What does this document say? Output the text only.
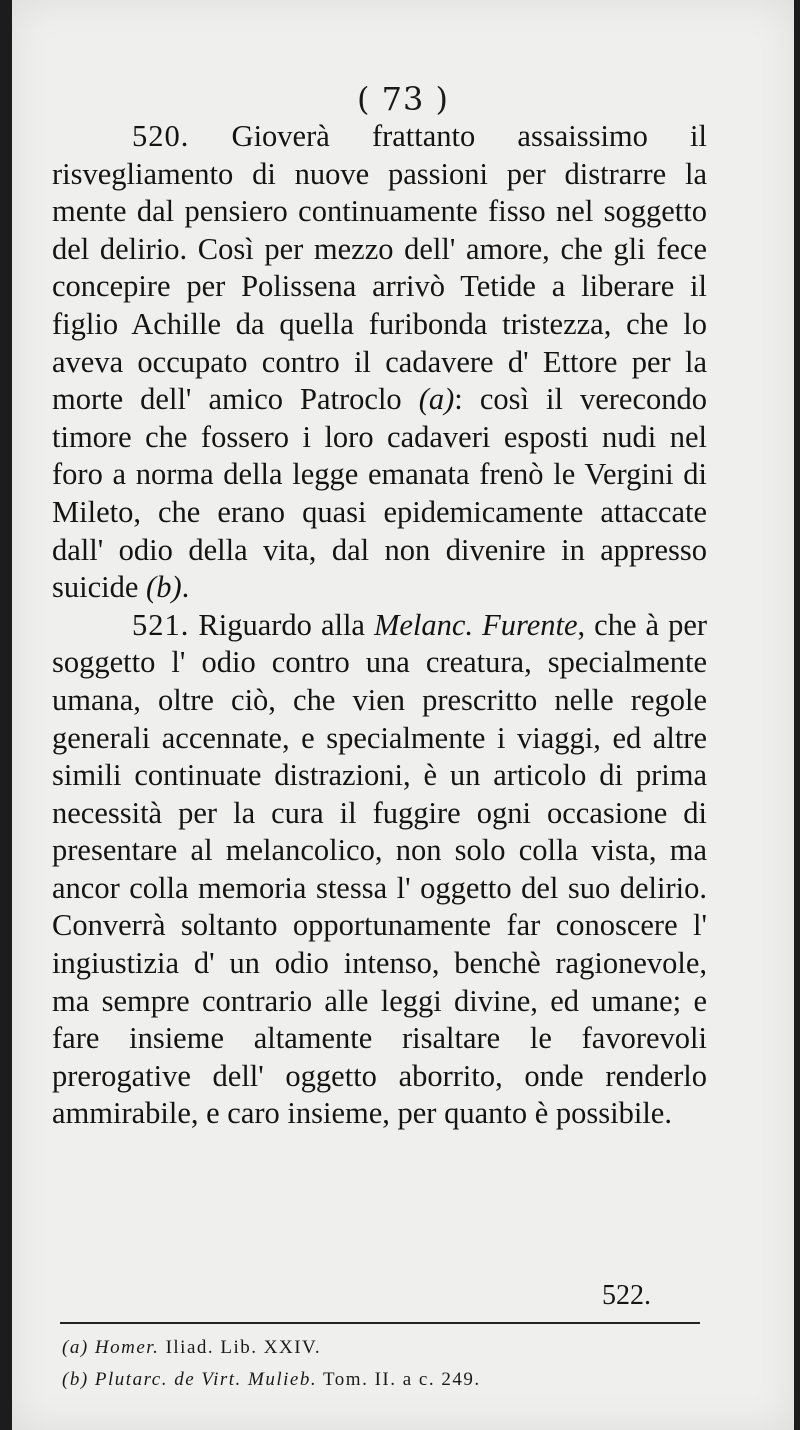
( 73 )

520. Gioverà frattanto assaissimo il risvegliamento di nuove passioni per distrarre la mente dal pensiero continuamente fisso nel soggetto del delirio. Così per mezzo dell' amore, che gli fece concepire per Polissena arrivò Tetide a liberare il figlio Achille da quella furibonda tristezza, che lo aveva occupato contro il cadavere d' Ettore per la morte dell' amico Patroclo (a): così il verecondo timore che fossero i loro cadaveri esposti nudi nel foro a norma della legge emanata frenò le Vergini di Mileto, che erano quasi epidemicamente attaccate dall' odio della vita, dal non divenire in appresso suicide (b).

521. Riguardo alla Melanc. Furente, che à per soggetto l' odio contro una creatura, specialmente umana, oltre ciò, che vien prescritto nelle regole generali accennate, e specialmente i viaggi, ed altre simili continuate distrazioni, è un articolo di prima necessità per la cura il fuggire ogni occasione di presentare al melancolico, non solo colla vista, ma ancor colla memoria stessa l' oggetto del suo delirio. Converrà soltanto opportunamente far conoscere l' ingiustizia d' un odio intenso, benchè ragionevole, ma sempre contrario alle leggi divine, ed umane; e fare insieme altamente risaltare le favorevoli prerogative dell' oggetto aborrito, onde renderlo ammirabile, e caro insieme, per quanto è possibile.

522.

(a) Homer. Iliad. Lib. XXIV.

(b) Plutarc. de Virt. Mulieb. Tom. II. a c. 249.
